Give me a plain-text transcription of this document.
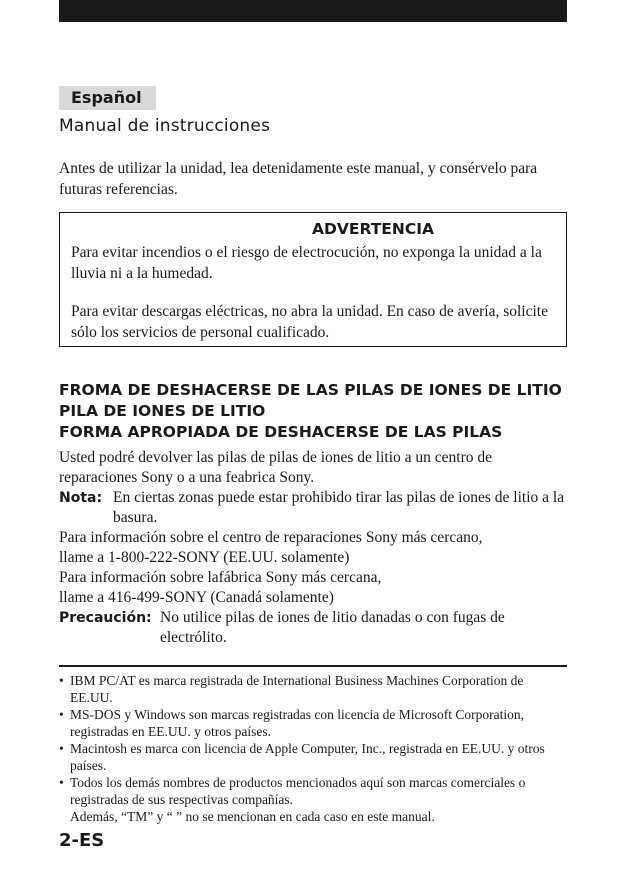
Español
Manual de instrucciones
Antes de utilizar la unidad, lea detenidamente este manual, y consérvelo para futuras referencias.
ADVERTENCIA
Para evitar incendios o el riesgo de electrocución, no exponga la unidad a la lluvia ni a la humedad.
Para evitar descargas eléctricas, no abra la unidad. En caso de avería, solicite sólo los servicios de personal cualificado.
FROMA DE DESHACERSE DE LAS PILAS DE IONES DE LITIO
PILA DE IONES DE LITIO
FORMA APROPIADA DE DESHACERSE DE LAS PILAS

Usted podré devolver las pilas de pilas de iones de litio a un centro de reparaciones Sony o a una feabrica Sony.

Nota: En ciertas zonas puede estar prohibido tirar las pilas de iones de litio a la basura.

Para información sobre el centro de reparaciones Sony más cercano,

llame a 1-800-222-SONY (EE.UU. solamente)

Para información sobre lafábrica Sony más cercana,

llame a 416-499-SONY (Canadá solamente)

Precaución: No utilice pilas de iones de litio danadas o con fugas de electrólito.
• IBM PC/AT es marca registrada de International Business Machines Corporation de EE.UU.
• MS-DOS y Windows son marcas registradas con licencia de Microsoft Corporation, registradas en EE.UU. y otros países.
• Macintosh es marca con licencia de Apple Computer, Inc., registrada en EE.UU. y otros países.
• Todos los demás nombres de productos mencionados aquí son marcas comerciales o registradas de sus respectivas compañías.
Además, “TM” y “ ” no se mencionan en cada caso en este manual.
2-ES
